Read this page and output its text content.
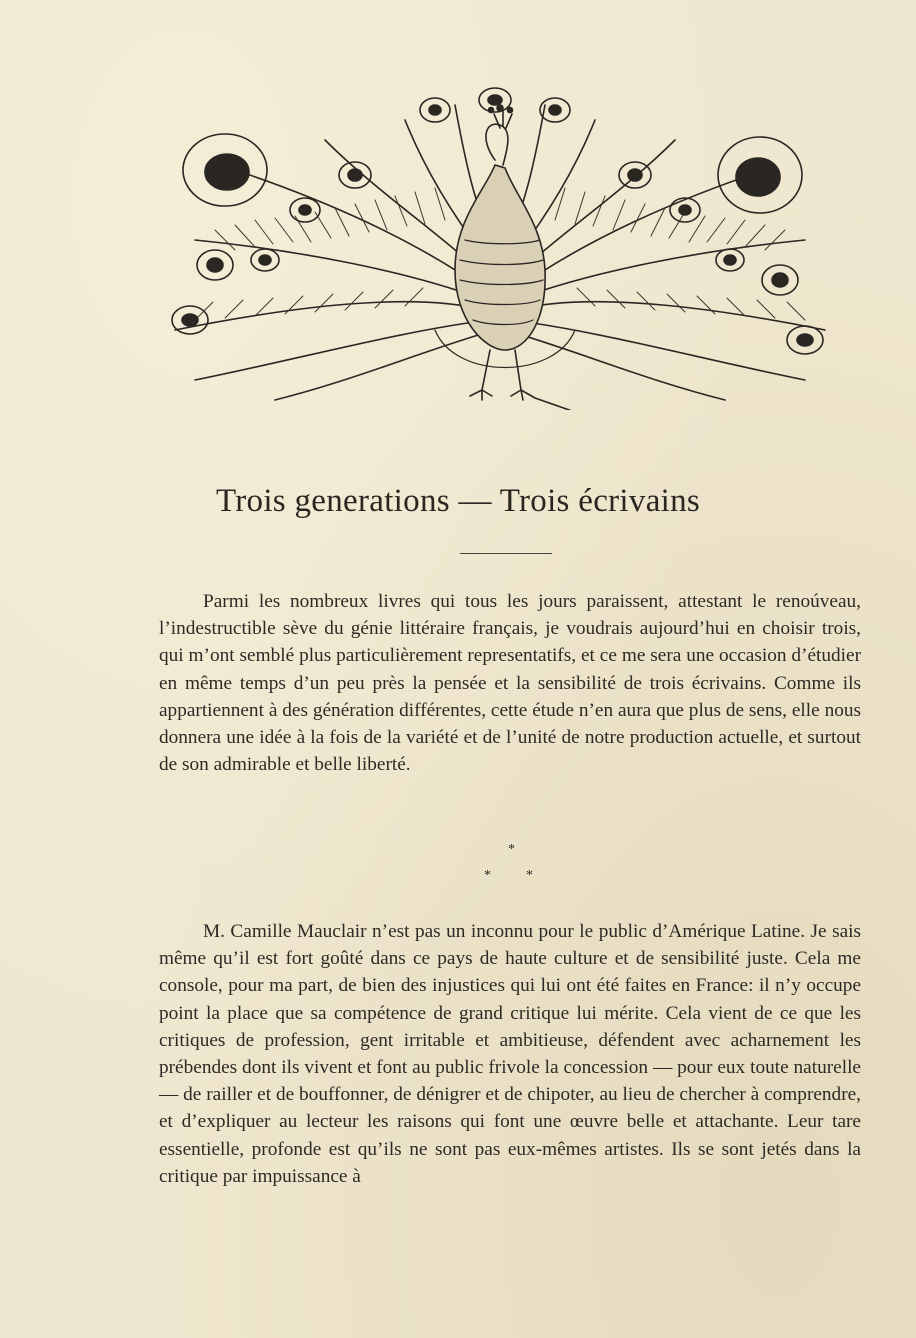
Trois generations — Trois écrivains
Parmi les nombreux livres qui tous les jours paraissent, attestant le renoúveau, l’indestructible sève du génie littéraire français, je voudrais aujourd’hui en choisir trois, qui m’ont semblé plus particulièrement representatifs, et ce me sera une occasion d’étudier en même temps d’un peu près la pensée et la sensibilité de trois écrivains. Comme ils appartiennent à des génération différentes, cette étude n’en aura que plus de sens, elle nous donnera une idée à la fois de la variété et de l’unité de notre production actuelle, et surtout de son admirable et belle liberté.
*
*	*
M. Camille Mauclair n’est pas un inconnu pour le public d’Amérique Latine. Je sais même qu’il est fort goûté dans ce pays de haute culture et de sensibilité juste. Cela me console, pour ma part, de bien des injustices qui lui ont été faites en France: il n’y occupe point la place que sa compétence de grand critique lui mérite. Cela vient de ce que les critiques de profession, gent irritable et ambitieuse, défendent avec acharnement les prébendes dont ils vivent et font au public frivole la concession — pour eux toute naturelle — de railler et de bouffonner, de dénigrer et de chipoter, au lieu de chercher à comprendre, et d’expliquer au lecteur les raisons qui font une œuvre belle et attachante. Leur tare essentielle, profonde est qu’ils ne sont pas eux-mêmes artistes. Ils se sont jetés dans la critique par impuissance à
